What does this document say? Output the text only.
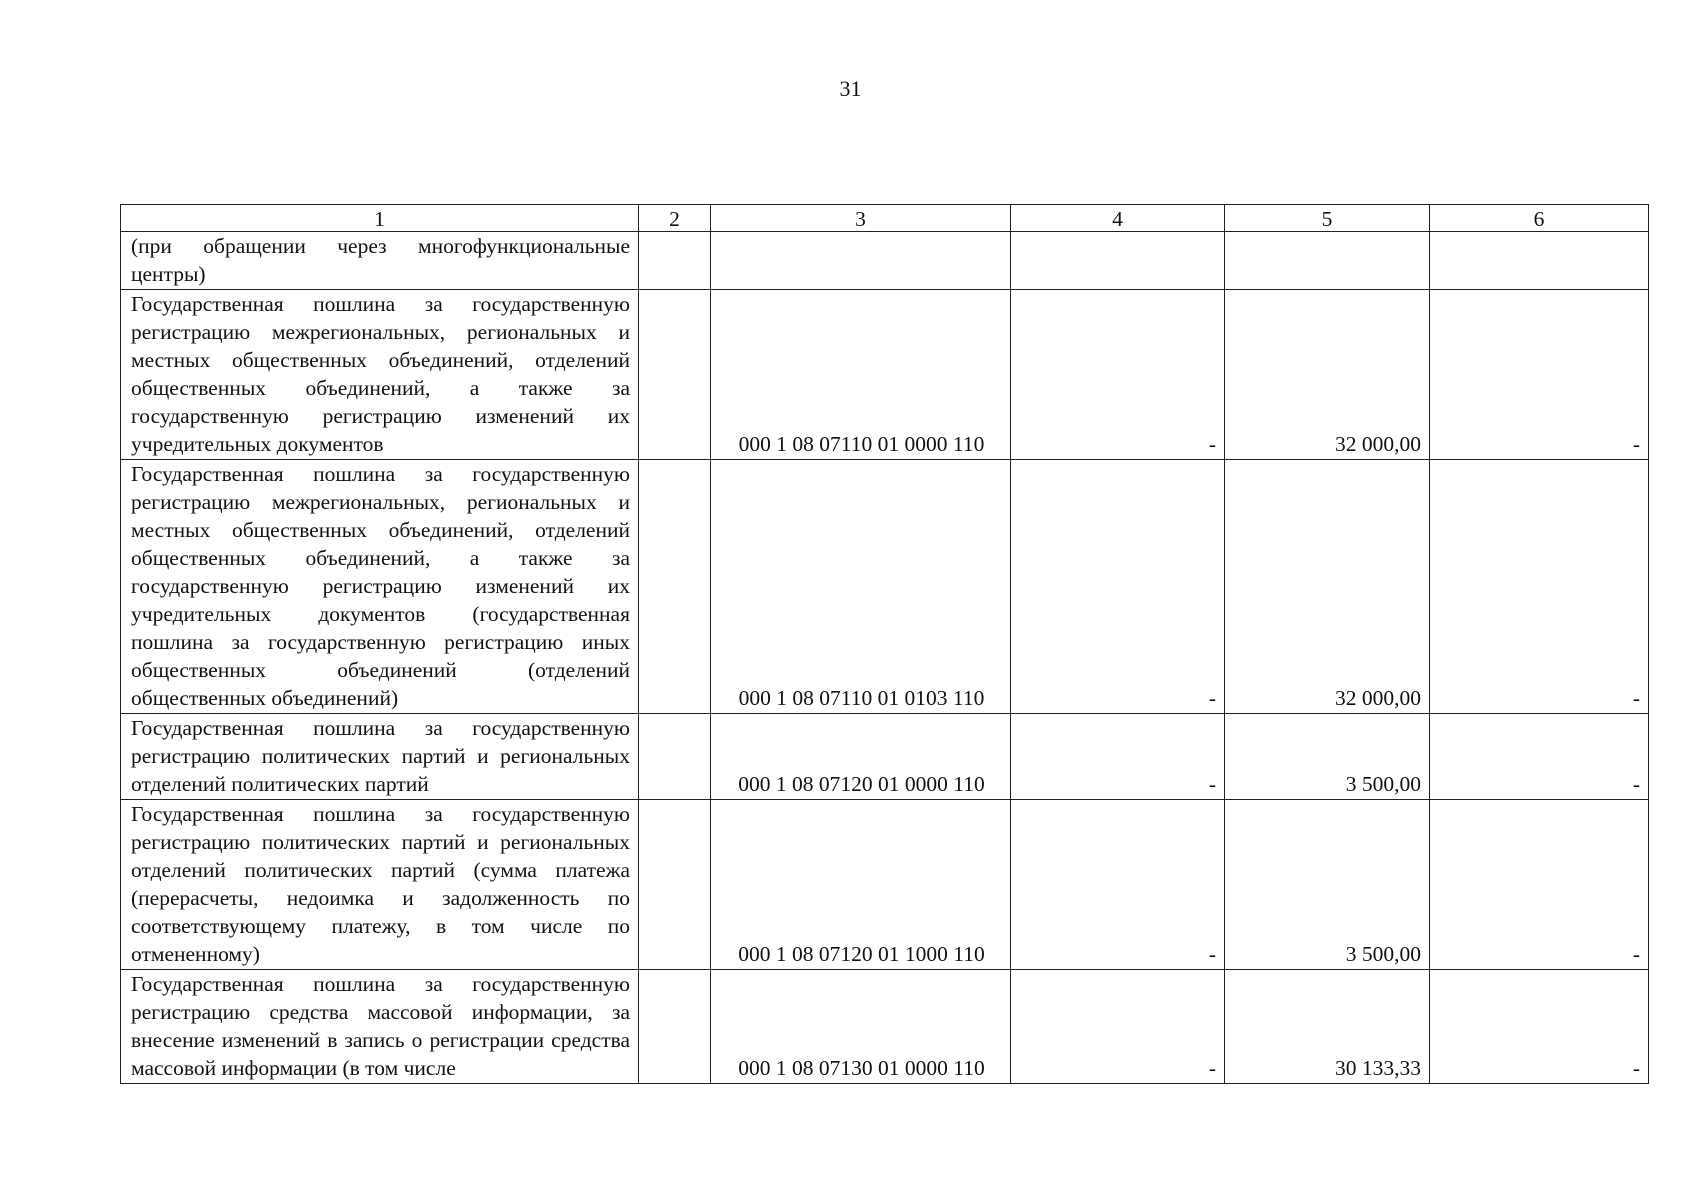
31
1	2	3	4	5	6
(при обращении через многофункциональные центры)					
Государственная пошлина за государственную регистрацию межрегиональных, региональных и местных общественных объединений, отделений общественных объединений, а также за государственную регистрацию изменений их учредительных документов		000 1 08 07110 01 0000 110	-	32 000,00	-
Государственная пошлина за государственную регистрацию межрегиональных, региональных и местных общественных объединений, отделений общественных объединений, а также за государственную регистрацию изменений их учредительных документов (государственная пошлина за государственную регистрацию иных общественных объединений (отделений общественных объединений)		000 1 08 07110 01 0103 110	-	32 000,00	-
Государственная пошлина за государственную регистрацию политических партий и региональных отделений политических партий		000 1 08 07120 01 0000 110	-	3 500,00	-
Государственная пошлина за государственную регистрацию политических партий и региональных отделений политических партий (сумма платежа (перерасчеты, недоимка и задолженность по соответствующему платежу, в том числе по отмененному)		000 1 08 07120 01 1000 110	-	3 500,00	-
Государственная пошлина за государственную регистрацию средства массовой информации, за внесение изменений в запись о регистрации средства массовой информации (в том числе		000 1 08 07130 01 0000 110	-	30 133,33	-
